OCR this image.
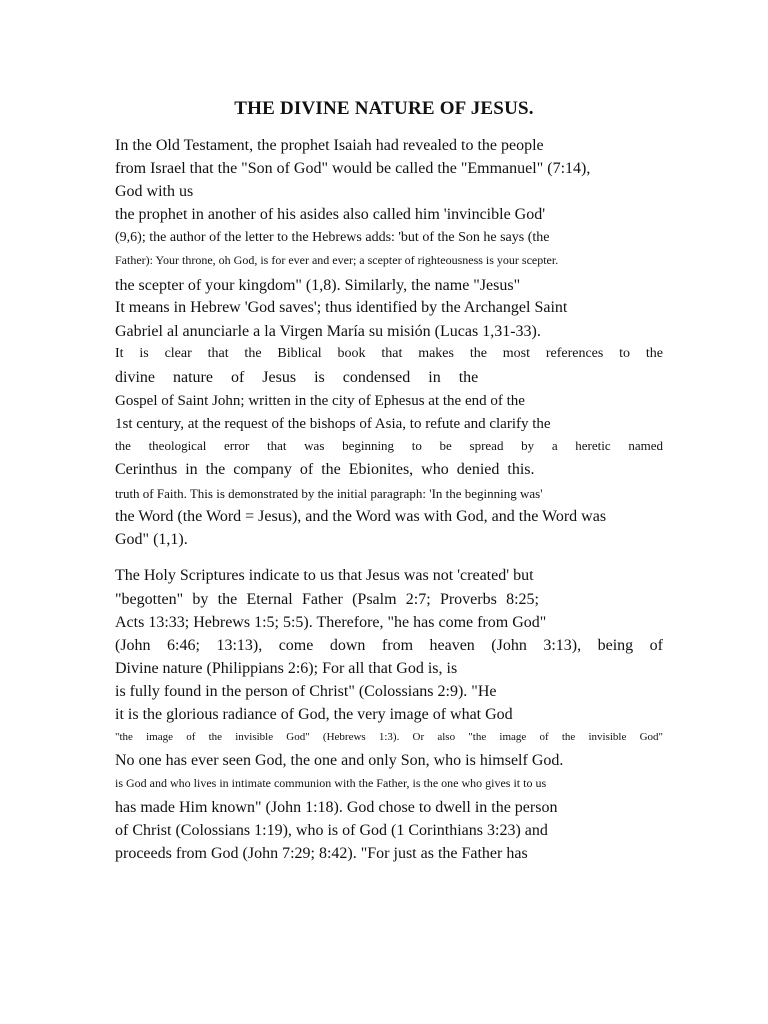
THE DIVINE NATURE OF JESUS.
In the Old Testament, the prophet Isaiah had revealed to the people
from Israel that the "Son of God" would be called the "Emmanuel" (7:14),
God with us
the prophet in another of his asides also called him 'invincible God'
(9,6); the author of the letter to the Hebrews adds: 'but of the Son he says (the
Father): Your throne, oh God, is for ever and ever; a scepter of righteousness is your scepter.
the scepter of your kingdom" (1,8). Similarly, the name "Jesus"
It means in Hebrew 'God saves'; thus identified by the Archangel Saint
Gabriel al anunciarle a la Virgen María su misión (Lucas 1,31-33).
It is clear that the Biblical book that makes the most references to the
divine nature of Jesus is condensed in the
Gospel of Saint John; written in the city of Ephesus at the end of the
1st century, at the request of the bishops of Asia, to refute and clarify the
the theological error that was beginning to be spread by a heretic named
Cerinthus in the company of the Ebionites, who denied this.
truth of Faith. This is demonstrated by the initial paragraph: 'In the beginning was'
the Word (the Word = Jesus), and the Word was with God, and the Word was
God" (1,1).
The Holy Scriptures indicate to us that Jesus was not 'created' but
"begotten" by the Eternal Father (Psalm 2:7; Proverbs 8:25;
Acts 13:33; Hebrews 1:5; 5:5). Therefore, "he has come from God"
(John 6:46; 13:13), come down from heaven (John 3:13), being of
Divine nature (Philippians 2:6); For all that God is, is
is fully found in the person of Christ" (Colossians 2:9). "He
it is the glorious radiance of God, the very image of what God
"the image of the invisible God" (Hebrews 1:3). Or also "the image of the invisible God"
No one has ever seen God, the one and only Son, who is himself God.
is God and who lives in intimate communion with the Father, is the one who gives it to us
has made Him known" (John 1:18). God chose to dwell in the person
of Christ (Colossians 1:19), who is of God (1 Corinthians 3:23) and
proceeds from God (John 7:29; 8:42). "For just as the Father has
